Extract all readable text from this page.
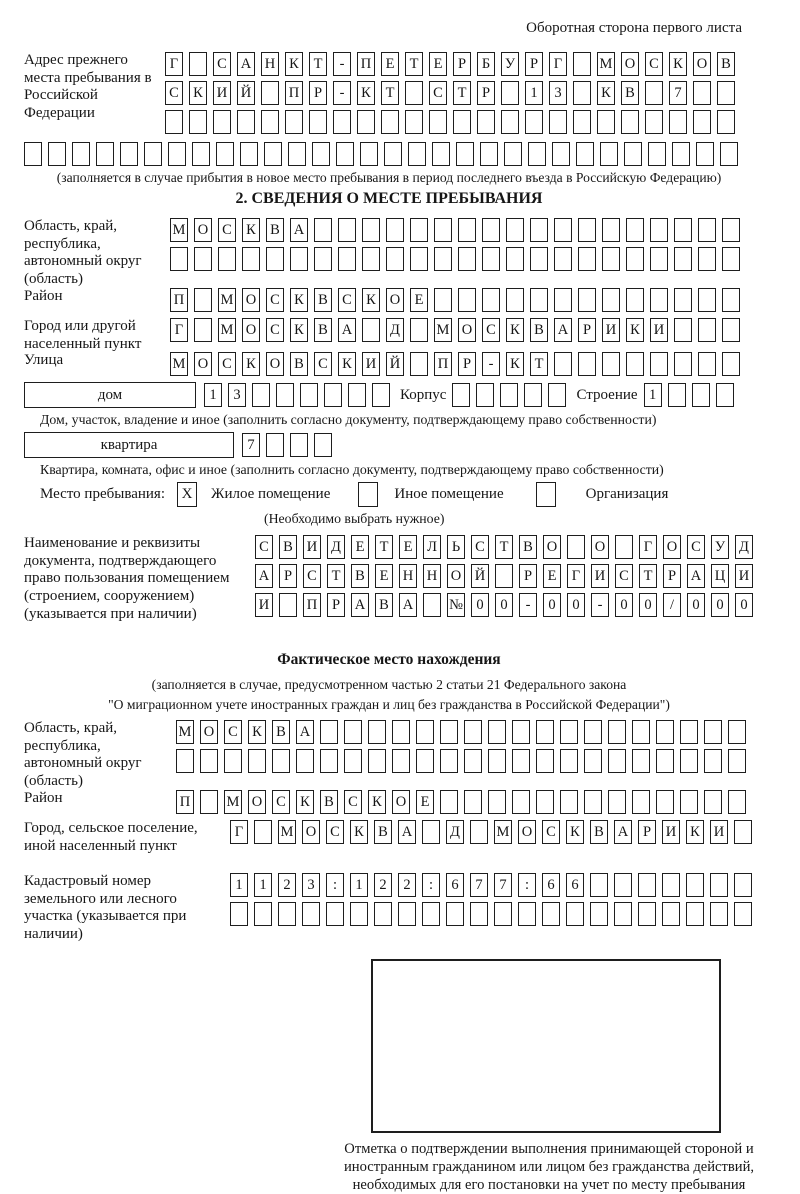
Оборотная сторона первого листа
Адрес прежнего места пребывания в Российской Федерации
Г	С А Н К	Т	-	П Е	Т	Е	Р	Б	У	Р	Г	М О С К О В
С К И Й	П	Р	-	К	Т	С	Т	Р	1	3	К В	7
(заполняется в случае прибытия в новое место пребывания в период последнего въезда в Российскую Федерацию)
2. СВЕДЕНИЯ О МЕСТЕ ПРЕБЫВАНИЯ
Область, край, республика, автономный округ (область)
М О С К В А
Район	П	М О С К В С К О Е
Город или другой населенный пункт
Г	М О С К В А	Д	М О С К В А	Р	И К И
Улица	М О С К О В С К И Й	П	Р	-	К	Т
дом	1	3	Корпус	Строение 1
Дом, участок, владение и иное (заполнить согласно документу, подтверждающему право собственности)
квартира	7
Квартира, комната, офис и иное (заполнить согласно документу, подтверждающему право собственности)
Место пребывания:	X	Жилое помещение	Иное помещение	Организация
(Необходимо выбрать нужное)
Наименование и реквизиты документа, подтверждающего право пользования помещением (строением, сооружением) (указывается при наличии)
С В И Д	Е	Т	Е	Л	Ь	С	Т	В О	О	Г	О С У Д
А	Р	С	Т	В	Е Н Н О Й	Р	Е	Г	И С	Т	Р	А Ц И
И	П	Р	А В А № 0	0	-	0	0	-	0	0	/	0	0	0
Фактическое место нахождения
(заполняется в случае, предусмотренном частью 2 статьи 21 Федерального закона
"О миграционном учете иностранных граждан и лиц без гражданства в Российской Федерации")
Область, край, республика, автономный округ (область)
М О С К В А
Район	П	М О С К В С К О Е
Город, сельское поселение, иной населенный пункт
Г	М О С К В А	Д	М О С К В А	Р	И К И
Кадастровый номер земельного или лесного участка (указывается при наличии)
1	1	2	3	:	1	2	2	:	6	7	7	:	6	6
Отметка о подтверждении выполнения принимающей стороной и иностранным гражданином или лицом без гражданства действий, необходимых для его постановки на учет по месту пребывания
